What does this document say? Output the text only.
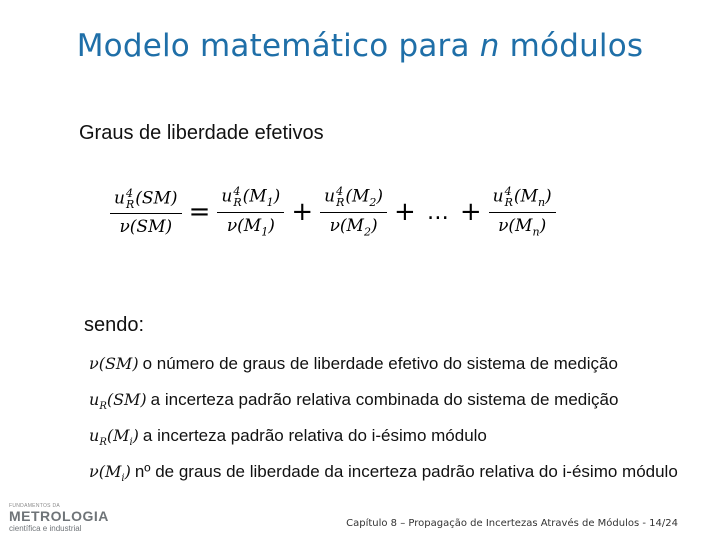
Modelo matemático para n módulos
Graus de liberdade efetivos
u 4
R (SM)
ν(SM) = u 4
R $(M_1)$
$\nu(M_1) + u$ 4
R $(M_2)$
$\nu(M_2)$ + … + u 4
R $(M_n)$
$\nu(M_n)$
sendo:
ν(SM) o número de graus de liberdade efetivo do sistema de medição
$u_R(SM)$ a incerteza padrão relativa combinada do sistema de medição
$u_R(M_i)$ a incerteza padrão relativa do i-ésimo módulo
$\nu(M_i)$ nº de graus de liberdade da incerteza padrão relativa do i-ésimo módulo
FUNDAMENTOS DA
METROLOGIA
científica e industrial	Capítulo 8 – Propagação de Incertezas Através de Módulos - 14/24
